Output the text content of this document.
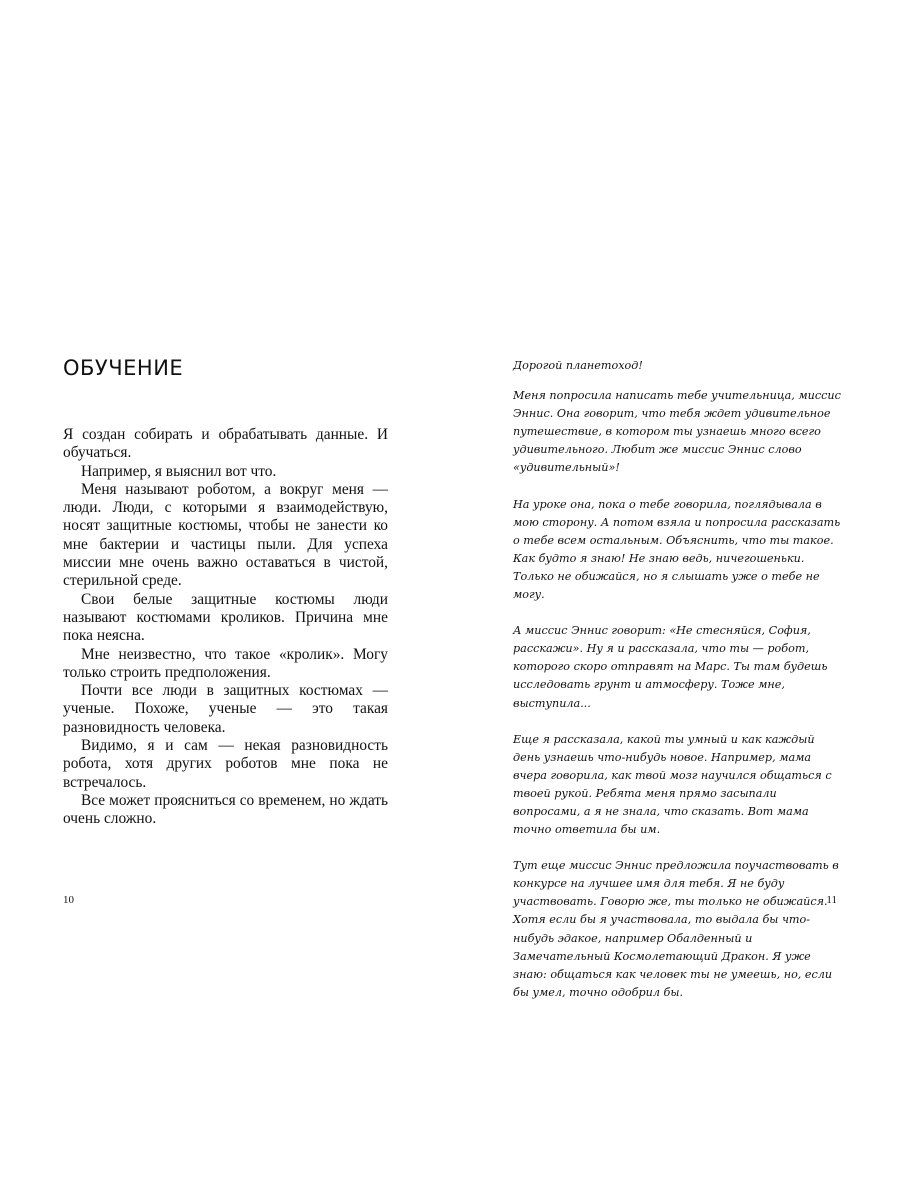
ОБУЧЕНИЕ

Я создан собирать и обрабатывать данные. И обучаться.

Например, я выяснил вот что.

Меня называют роботом, а вокруг меня — люди. Люди, с которыми я взаимодействую, носят защитные костюмы, чтобы не занести ко мне бактерии и частицы пыли. Для успеха миссии мне очень важно оставаться в чистой, стерильной среде.

Свои белые защитные костюмы люди называют костюмами кроликов. Причина мне пока неясна.

Мне неизвестно, что такое «кролик». Могу только строить предположения.

Почти все люди в защитных костюмах — ученые. Похоже, ученые — это такая разновидность человека.

Видимо, я и сам — некая разновидность робота, хотя других роботов мне пока не встречалось.

Все может проясниться со временем, но ждать очень сложно.

10

Дорогой планетоход!

Меня попросила написать тебе учительница, миссис Эннис. Она говорит, что тебя ждет удивительное путешествие, в котором ты узнаешь много всего удивительного. Любит же миссис Эннис слово «удивительный»!

На уроке она, пока о тебе говорила, поглядывала в мою сторону. А потом взяла и попросила рассказать о тебе всем остальным. Объяснить, что ты такое. Как будто я знаю! Не знаю ведь, ничегошеньки. Только не обижайся, но я слышать уже о тебе не могу.

А миссис Эннис говорит: «Не стесняйся, София, расскажи». Ну я и рассказала, что ты — робот, которого скоро отправят на Марс. Ты там будешь исследовать грунт и атмосферу. Тоже мне, выступила...

Еще я рассказала, какой ты умный и как каждый день узнаешь что-нибудь новое. Например, мама вчера говорила, как твой мозг научился общаться с твоей рукой. Ребята меня прямо засыпали вопросами, а я не знала, что сказать. Вот мама точно ответила бы им.

Тут еще миссис Эннис предложила поучаствовать в конкурсе на лучшее имя для тебя. Я не буду участвовать. Говорю же, ты только не обижайся. Хотя если бы я участвовала, то выдала бы что-нибудь эдакое, например Обалденный и Замечательный Космолетающий Дракон. Я уже знаю: общаться как человек ты не умеешь, но, если бы умел, точно одобрил бы.

11
